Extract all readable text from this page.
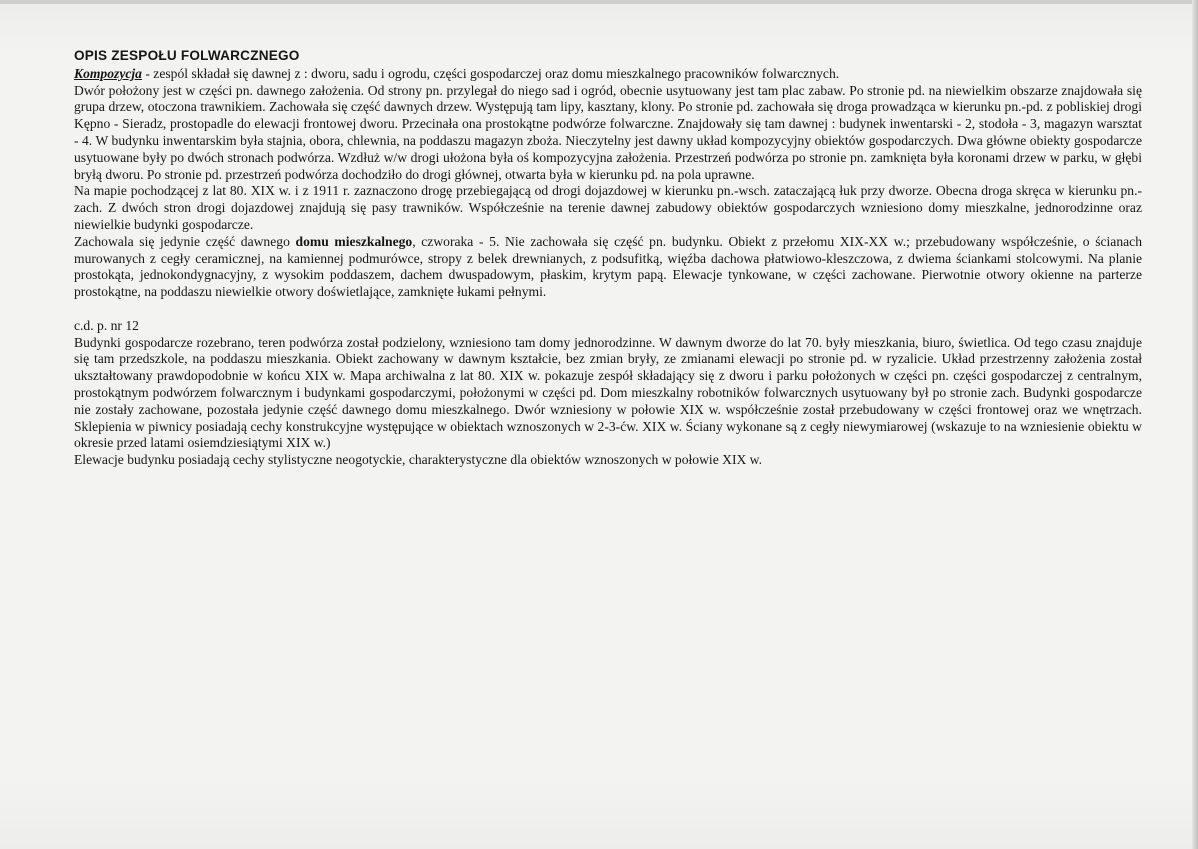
OPIS ZESPOŁU FOLWARCZNEGO

Kompozycja - zespól składał się dawnej z : dworu, sadu i ogrodu, części gospodarczej oraz domu mieszkalnego pracowników folwarcznych.

Dwór położony jest w części pn. dawnego założenia. Od strony pn. przylegał do niego sad i ogród, obecnie usytuowany jest tam plac zabaw. Po stronie pd. na niewielkim obszarze znajdowała się grupa drzew, otoczona trawnikiem. Zachowała się część dawnych drzew. Występują tam lipy, kasztany, klony. Po stronie pd. zachowała się droga prowadząca w kierunku pn.-pd. z pobliskiej drogi Kępno - Sieradz, prostopadle do elewacji frontowej dworu. Przecinała ona prostokątne podwórze folwarczne. Znajdowały się tam dawnej : budynek inwentarski - 2, stodoła - 3, magazyn warsztat - 4. W budynku inwentarskim była stajnia, obora, chlewnia, na poddaszu magazyn zboża. Nieczytelny jest dawny układ kompozycyjny obiektów gospodarczych. Dwa główne obiekty gospodarcze usytuowane były po dwóch stronach podwórza. Wzdłuż w/w drogi ułożona była oś kompozycyjna założenia. Przestrzeń podwórza po stronie pn. zamknięta była koronami drzew w parku, w głębi bryłą dworu. Po stronie pd. przestrzeń podwórza dochodziło do drogi głównej, otwarta była w kierunku pd. na pola uprawne.

Na mapie pochodzącej z lat 80. XIX w. i z 1911 r. zaznaczono drogę przebiegającą od drogi dojazdowej w kierunku pn.-wsch. zataczającą łuk przy dworze. Obecna droga skręca w kierunku pn.-zach. Z dwóch stron drogi dojazdowej znajdują się pasy trawników. Współcześnie na terenie dawnej zabudowy obiektów gospodarczych wzniesiono domy mieszkalne, jednorodzinne oraz niewielkie budynki gospodarcze.

Zachowala się jedynie część dawnego domu mieszkalnego, czworaka - 5. Nie zachowała się część pn. budynku. Obiekt z przełomu XIX-XX w.; przebudowany współcześnie, o ścianach murowanych z cegły ceramicznej, na kamiennej podmurówce, stropy z belek drewnianych, z podsufitką, więźba dachowa płatwiowo-kleszczowa, z dwiema ściankami stolcowymi. Na planie prostokąta, jednokondygnacyjny, z wysokim poddaszem, dachem dwuspadowym, płaskim, krytym papą. Elewacje tynkowane, w części zachowane. Pierwotnie otwory okienne na parterze prostokątne, na poddaszu niewielkie otwory doświetlające, zamknięte łukami pełnymi.

c.d. p. nr 12

Budynki gospodarcze rozebrano, teren podwórza został podzielony, wzniesiono tam domy jednorodzinne. W dawnym dworze do lat 70. były mieszkania, biuro, świetlica. Od tego czasu znajduje się tam przedszkole, na poddaszu mieszkania. Obiekt zachowany w dawnym kształcie, bez zmian bryły, ze zmianami elewacji po stronie pd. w ryzalicie. Układ przestrzenny założenia został ukształtowany prawdopodobnie w końcu XIX w. Mapa archiwalna z lat 80. XIX w. pokazuje zespół składający się z dworu i parku położonych w części pn. części gospodarczej z centralnym, prostokątnym podwórzem folwarcznym i budynkami gospodarczymi, położonymi w części pd. Dom mieszkalny robotników folwarcznych usytuowany był po stronie zach. Budynki gospodarcze nie zostały zachowane, pozostała jedynie część dawnego domu mieszkalnego. Dwór wzniesiony w połowie XIX w. współcześnie został przebudowany w części frontowej oraz we wnętrzach. Sklepienia w piwnicy posiadają cechy konstrukcyjne występujące w obiektach wznoszonych w 2-3-ćw. XIX w. Ściany wykonane są z cegły niewymiarowej (wskazuje to na wzniesienie obiektu w okresie przed latami osiemdziesiątymi XIX w.)

Elewacje budynku posiadają cechy stylistyczne neogotyckie, charakterystyczne dla obiektów wznoszonych w połowie XIX w.
